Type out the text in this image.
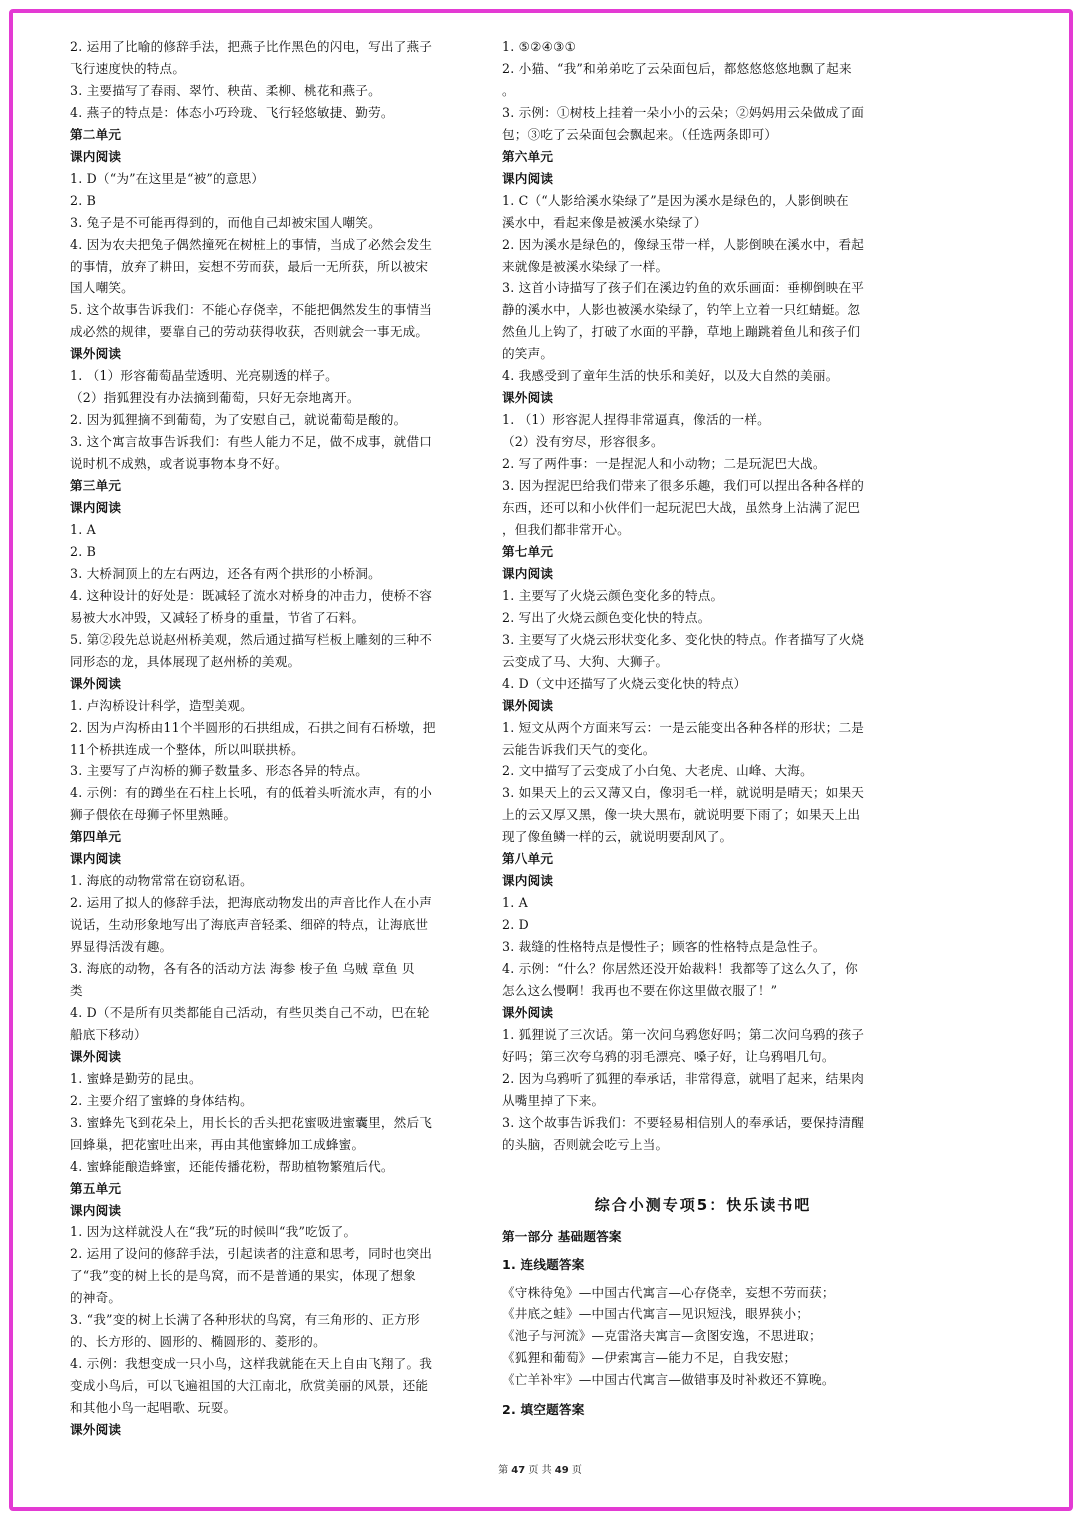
2. 运用了比喻的修辞手法，把燕子比作黑色的闪电，写出了燕子
飞行速度快的特点。
3. 主要描写了春雨、翠竹、秧苗、柔柳、桃花和燕子。
4. 燕子的特点是：体态小巧玲珑、飞行轻悠敏捷、勤劳。
第二单元
课内阅读
1. D（“为”在这里是“被”的意思）
2. B
3. 兔子是不可能再得到的，而他自己却被宋国人嘲笑。
4. 因为农夫把兔子偶然撞死在树桩上的事情，当成了必然会发生
的事情，放弃了耕田，妄想不劳而获，最后一无所获，所以被宋
国人嘲笑。
5. 这个故事告诉我们：不能心存侥幸，不能把偶然发生的事情当
成必然的规律，要靠自己的劳动获得收获，否则就会一事无成。
课外阅读
1. （1）形容葡萄晶莹透明、光亮剔透的样子。
（2）指狐狸没有办法摘到葡萄，只好无奈地离开。
2. 因为狐狸摘不到葡萄，为了安慰自己，就说葡萄是酸的。
3. 这个寓言故事告诉我们：有些人能力不足，做不成事，就借口
说时机不成熟，或者说事物本身不好。
第三单元
课内阅读
1. A
2. B
3. 大桥洞顶上的左右两边，还各有两个拱形的小桥洞。
4. 这种设计的好处是：既减轻了流水对桥身的冲击力，使桥不容
易被大水冲毁，又减轻了桥身的重量，节省了石料。
5. 第②段先总说赵州桥美观，然后通过描写栏板上雕刻的三种不
同形态的龙，具体展现了赵州桥的美观。
课外阅读
1. 卢沟桥设计科学，造型美观。
2. 因为卢沟桥由11个半圆形的石拱组成，石拱之间有石桥墩，把
11个桥拱连成一个整体，所以叫联拱桥。
3. 主要写了卢沟桥的狮子数量多、形态各异的特点。
4. 示例：有的蹲坐在石柱上长吼，有的低着头听流水声，有的小
狮子偎依在母狮子怀里熟睡。
第四单元
课内阅读
1. 海底的动物常常在窃窃私语。
2. 运用了拟人的修辞手法，把海底动物发出的声音比作人在小声
说话，生动形象地写出了海底声音轻柔、细碎的特点，让海底世
界显得活泼有趣。
3. 海底的动物，各有各的活动方法 海参 梭子鱼 乌贼 章鱼 贝
类
4. D（不是所有贝类都能自己活动，有些贝类自己不动，巴在轮
船底下移动）
课外阅读
1. 蜜蜂是勤劳的昆虫。
2. 主要介绍了蜜蜂的身体结构。
3. 蜜蜂先飞到花朵上，用长长的舌头把花蜜吸进蜜囊里，然后飞
回蜂巢，把花蜜吐出来，再由其他蜜蜂加工成蜂蜜。
4. 蜜蜂能酿造蜂蜜，还能传播花粉，帮助植物繁殖后代。
第五单元
课内阅读
1. 因为这样就没人在“我”玩的时候叫“我”吃饭了。
2. 运用了设问的修辞手法，引起读者的注意和思考，同时也突出
了“我”变的树上长的是鸟窝，而不是普通的果实，体现了想象
的神奇。
3. “我”变的树上长满了各种形状的鸟窝，有三角形的、正方形
的、长方形的、圆形的、椭圆形的、菱形的。
4. 示例：我想变成一只小鸟，这样我就能在天上自由飞翔了。我
变成小鸟后，可以飞遍祖国的大江南北，欣赏美丽的风景，还能
和其他小鸟一起唱歌、玩耍。
课外阅读
1. ⑤②④③①
2. 小猫、“我”和弟弟吃了云朵面包后，都悠悠悠悠地飘了起来
。
3. 示例：①树枝上挂着一朵小小的云朵；②妈妈用云朵做成了面
包；③吃了云朵面包会飘起来。（任选两条即可）
第六单元
课内阅读
1. C（“人影给溪水染绿了”是因为溪水是绿色的，人影倒映在
溪水中，看起来像是被溪水染绿了）
2. 因为溪水是绿色的，像绿玉带一样，人影倒映在溪水中，看起
来就像是被溪水染绿了一样。
3. 这首小诗描写了孩子们在溪边钓鱼的欢乐画面：垂柳倒映在平
静的溪水中，人影也被溪水染绿了，钓竿上立着一只红蜻蜓。忽
然鱼儿上钩了，打破了水面的平静，草地上蹦跳着鱼儿和孩子们
的笑声。
4. 我感受到了童年生活的快乐和美好，以及大自然的美丽。
课外阅读
1. （1）形容泥人捏得非常逼真，像活的一样。
（2）没有穷尽，形容很多。
2. 写了两件事：一是捏泥人和小动物；二是玩泥巴大战。
3. 因为捏泥巴给我们带来了很多乐趣，我们可以捏出各种各样的
东西，还可以和小伙伴们一起玩泥巴大战，虽然身上沾满了泥巴
，但我们都非常开心。
第七单元
课内阅读
1. 主要写了火烧云颜色变化多的特点。
2. 写出了火烧云颜色变化快的特点。
3. 主要写了火烧云形状变化多、变化快的特点。作者描写了火烧
云变成了马、大狗、大狮子。
4. D（文中还描写了火烧云变化快的特点）
课外阅读
1. 短文从两个方面来写云：一是云能变出各种各样的形状；二是
云能告诉我们天气的变化。
2. 文中描写了云变成了小白兔、大老虎、山峰、大海。
3. 如果天上的云又薄又白，像羽毛一样，就说明是晴天；如果天
上的云又厚又黑，像一块大黑布，就说明要下雨了；如果天上出
现了像鱼鳞一样的云，就说明要刮风了。
第八单元
课内阅读
1. A
2. D
3. 裁缝的性格特点是慢性子；顾客的性格特点是急性子。
4. 示例：“什么？你居然还没开始裁料！我都等了这么久了，你
怎么这么慢啊！我再也不要在你这里做衣服了！”
课外阅读
1. 狐狸说了三次话。第一次问乌鸦您好吗；第二次问乌鸦的孩子
好吗；第三次夸乌鸦的羽毛漂亮、嗓子好，让乌鸦唱几句。
2. 因为乌鸦听了狐狸的奉承话，非常得意，就唱了起来，结果肉
从嘴里掉了下来。
3. 这个故事告诉我们：不要轻易相信别人的奉承话，要保持清醒
的头脑，否则就会吃亏上当。
综合小测专项5：快乐读书吧
第一部分 基础题答案
1. 连线题答案
《守株待兔》—中国古代寓言—心存侥幸，妄想不劳而获；
《井底之蛙》—中国古代寓言—见识短浅，眼界狭小；
《池子与河流》—克雷洛夫寓言—贪图安逸，不思进取；
《狐狸和葡萄》—伊索寓言—能力不足，自我安慰；
《亡羊补牢》—中国古代寓言—做错事及时补救还不算晚。
2. 填空题答案
第 47 页 共 49 页
